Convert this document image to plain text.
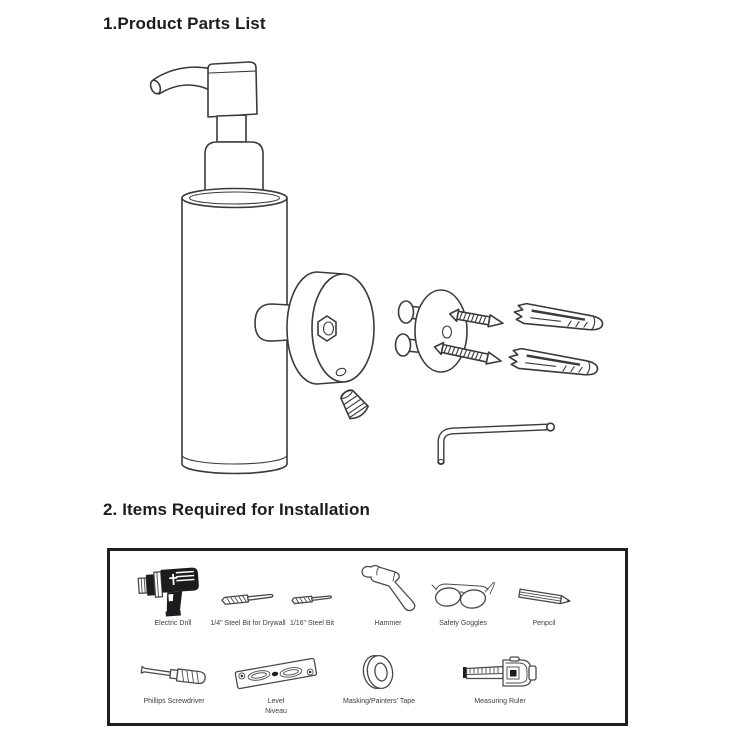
1.Product Parts List
2. Items Required for Installation
Electric Drill	1/4" Steel Bit for Drywall 1/16" Steel Bit	Hammer	Safety Goggles	Penpcil
Phillips Screwdriver	Level
Niveau
Masking/Painters' Tape	Measuring Ruler
